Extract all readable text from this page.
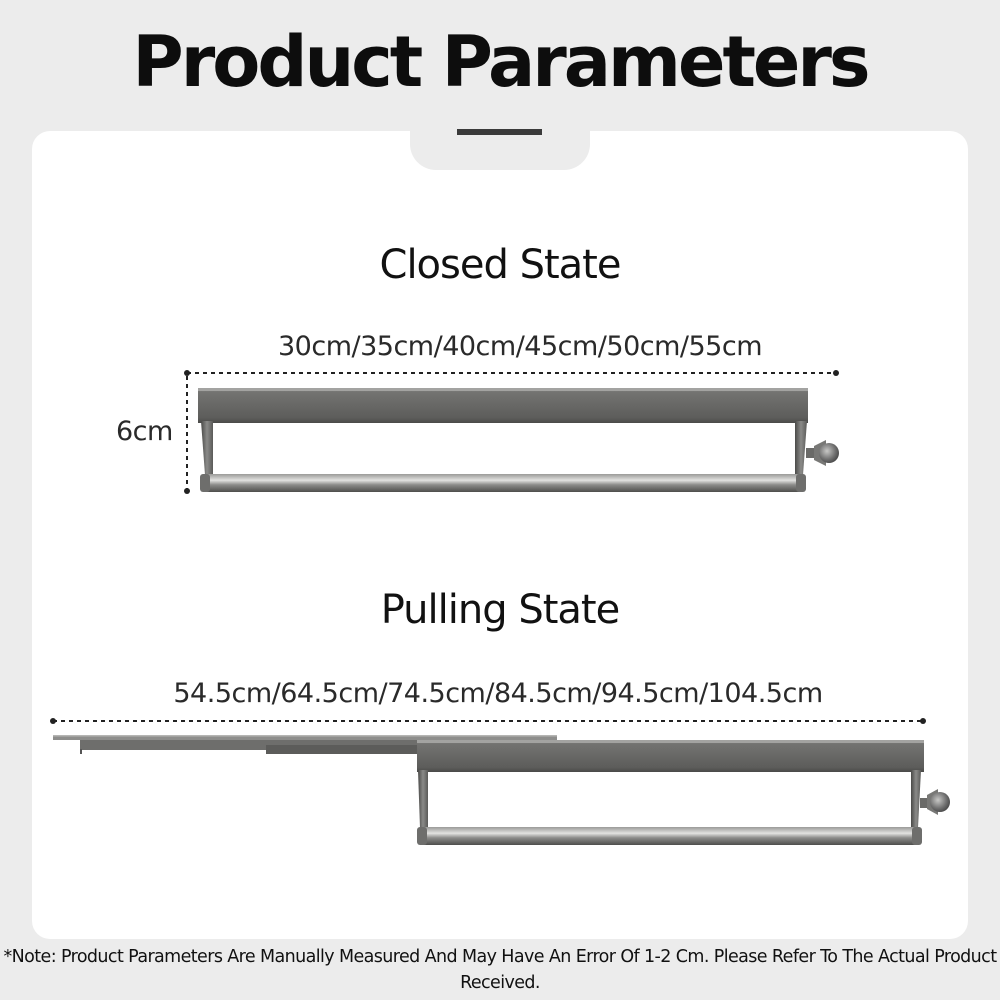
Product Parameters
Closed State
30cm/35cm/40cm/45cm/50cm/55cm
6cm
Pulling State
54.5cm/64.5cm/74.5cm/84.5cm/94.5cm/104.5cm
*Note: Product Parameters Are Manually Measured And May Have An Error Of 1-2 Cm. Please Refer To The Actual Product Received.
